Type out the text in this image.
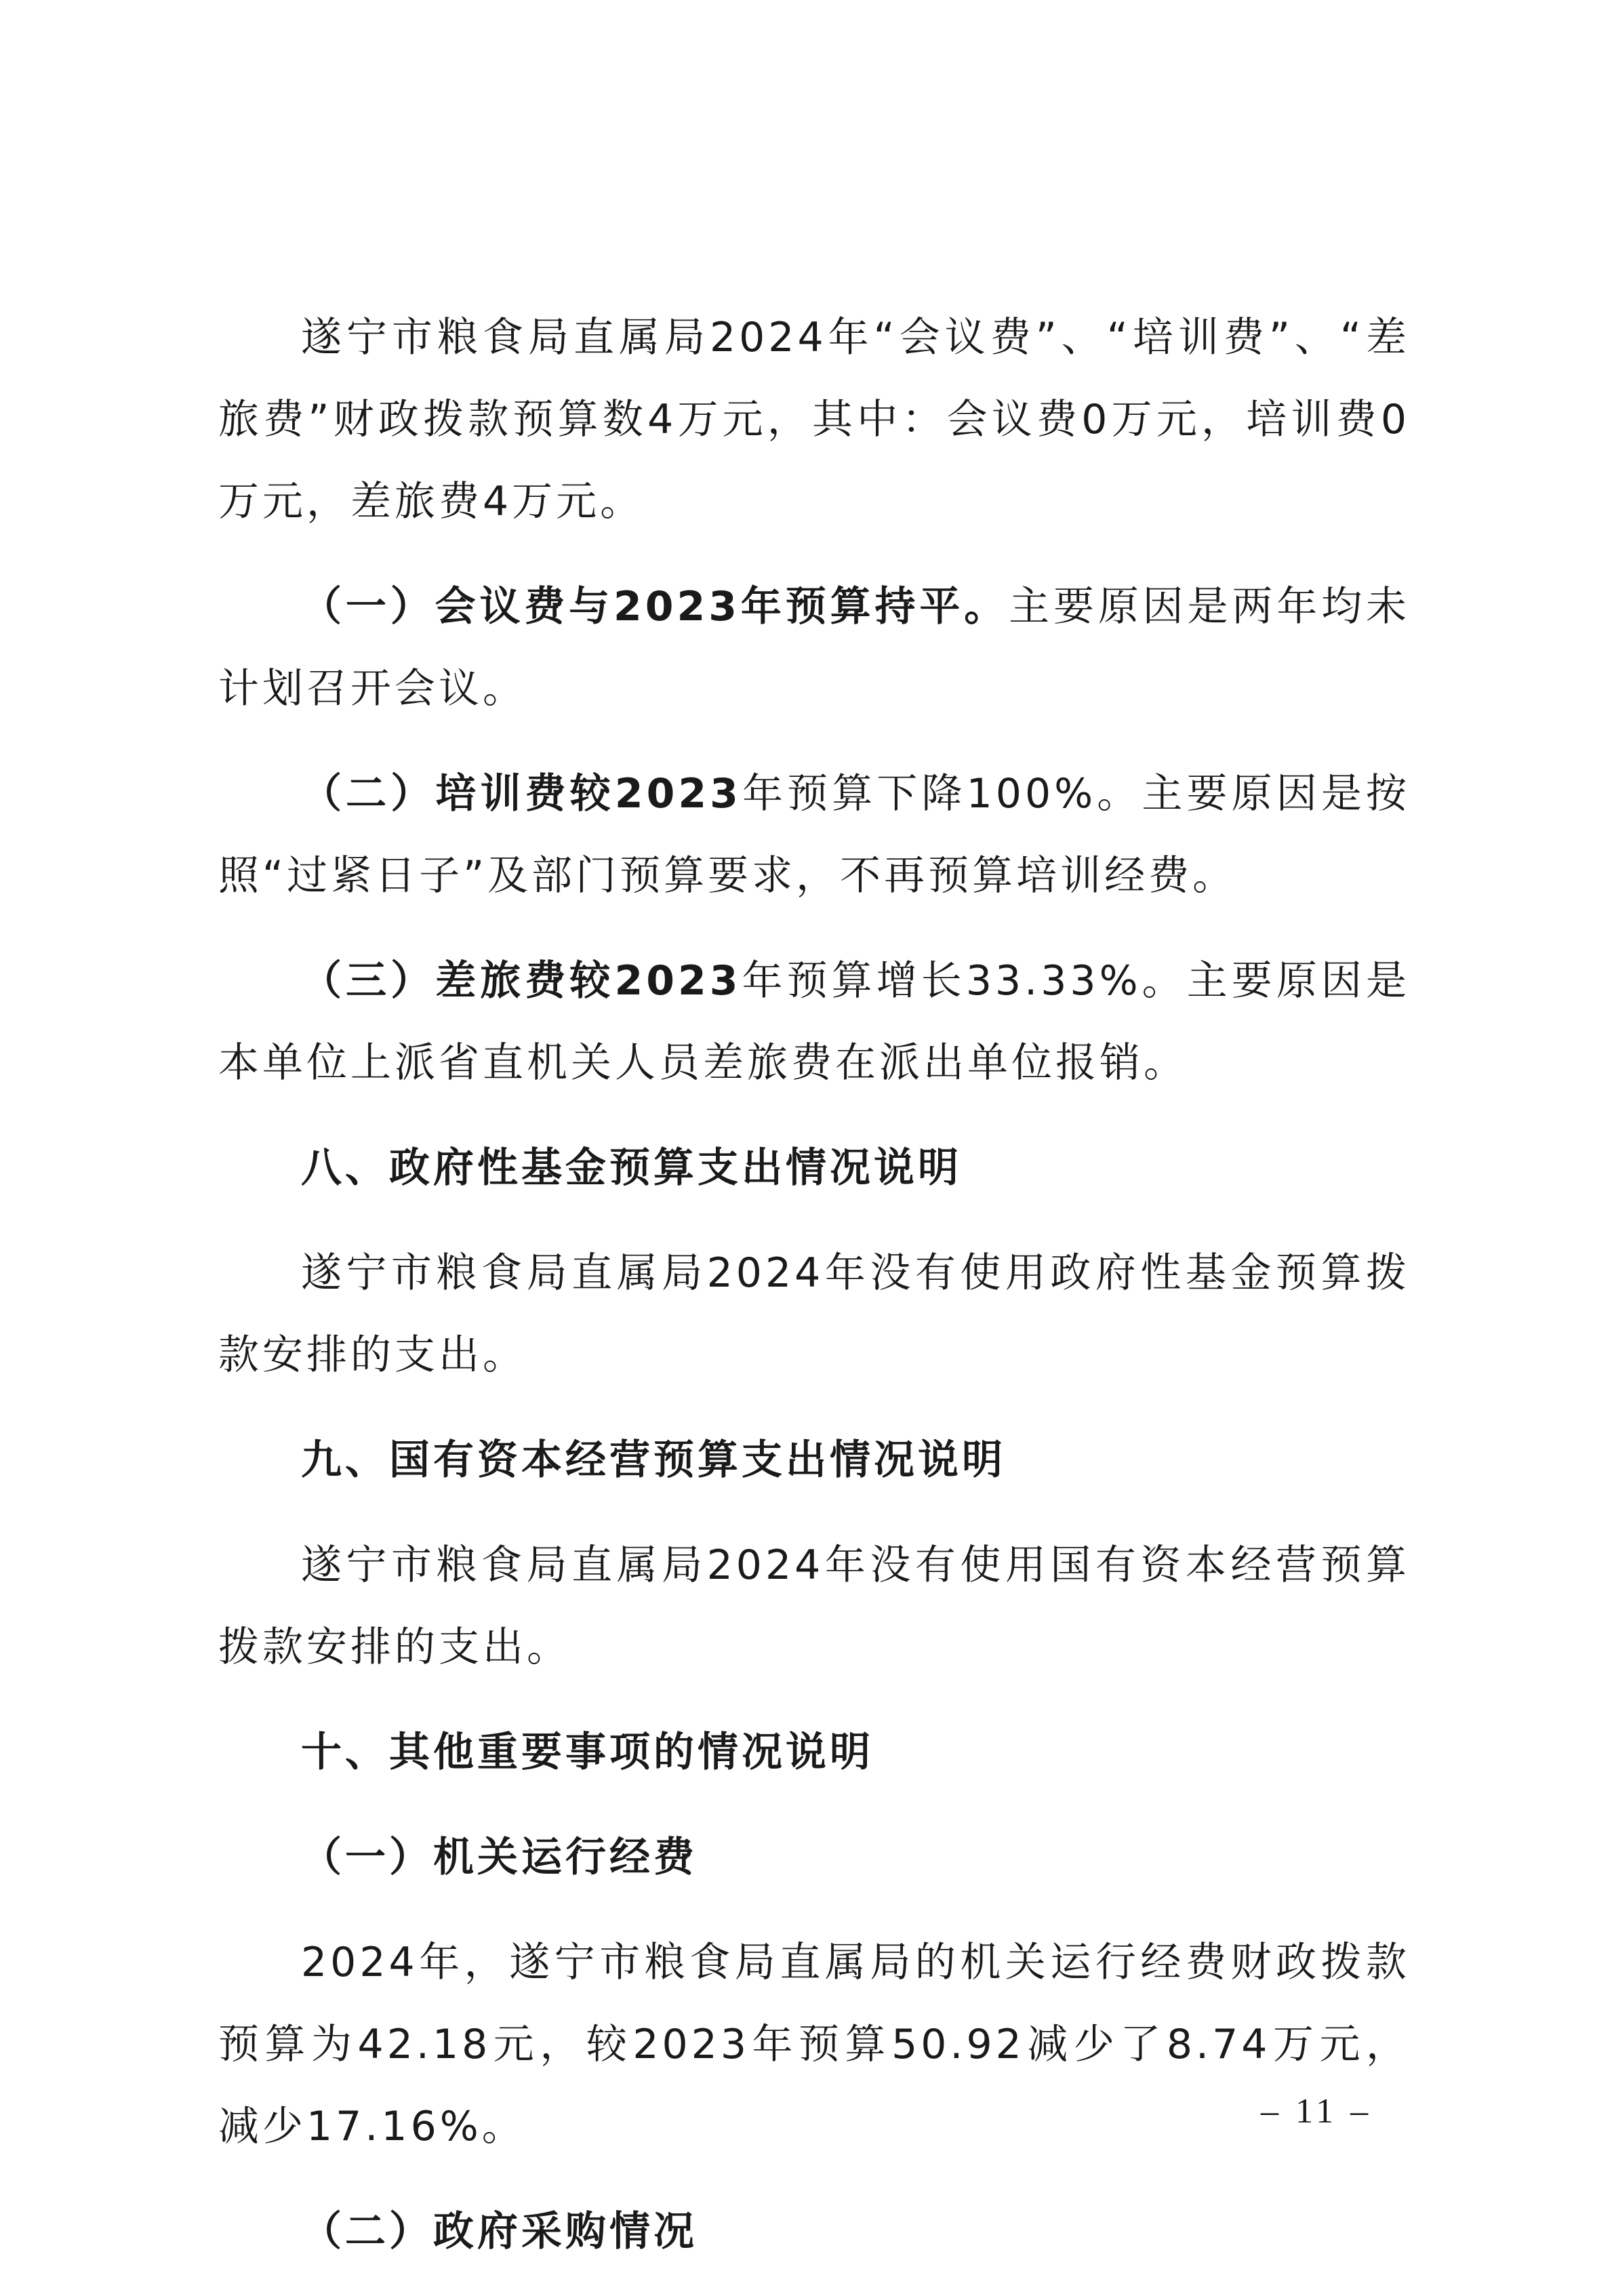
遂宁市粮食局直属局2024年“会议费”、“培训费”、“差旅费”财政拨款预算数4万元，其中：会议费0万元，培训费0万元，差旅费4万元。

（一）会议费与2023年预算持平。主要原因是两年均未计划召开会议。

（二）培训费较2023年预算下降100%。主要原因是按照“过紧日子”及部门预算要求，不再预算培训经费。

（三）差旅费较2023年预算增长33.33%。主要原因是本单位上派省直机关人员差旅费在派出单位报销。

八、政府性基金预算支出情况说明

遂宁市粮食局直属局2024年没有使用政府性基金预算拨款安排的支出。

九、国有资本经营预算支出情况说明

遂宁市粮食局直属局2024年没有使用国有资本经营预算拨款安排的支出。

十、其他重要事项的情况说明

（一）机关运行经费

2024年，遂宁市粮食局直属局的机关运行经费财政拨款预算为42.18元，较2023年预算50.92减少了8.74万元，减少17.16%。

（二）政府采购情况

– 11 –
